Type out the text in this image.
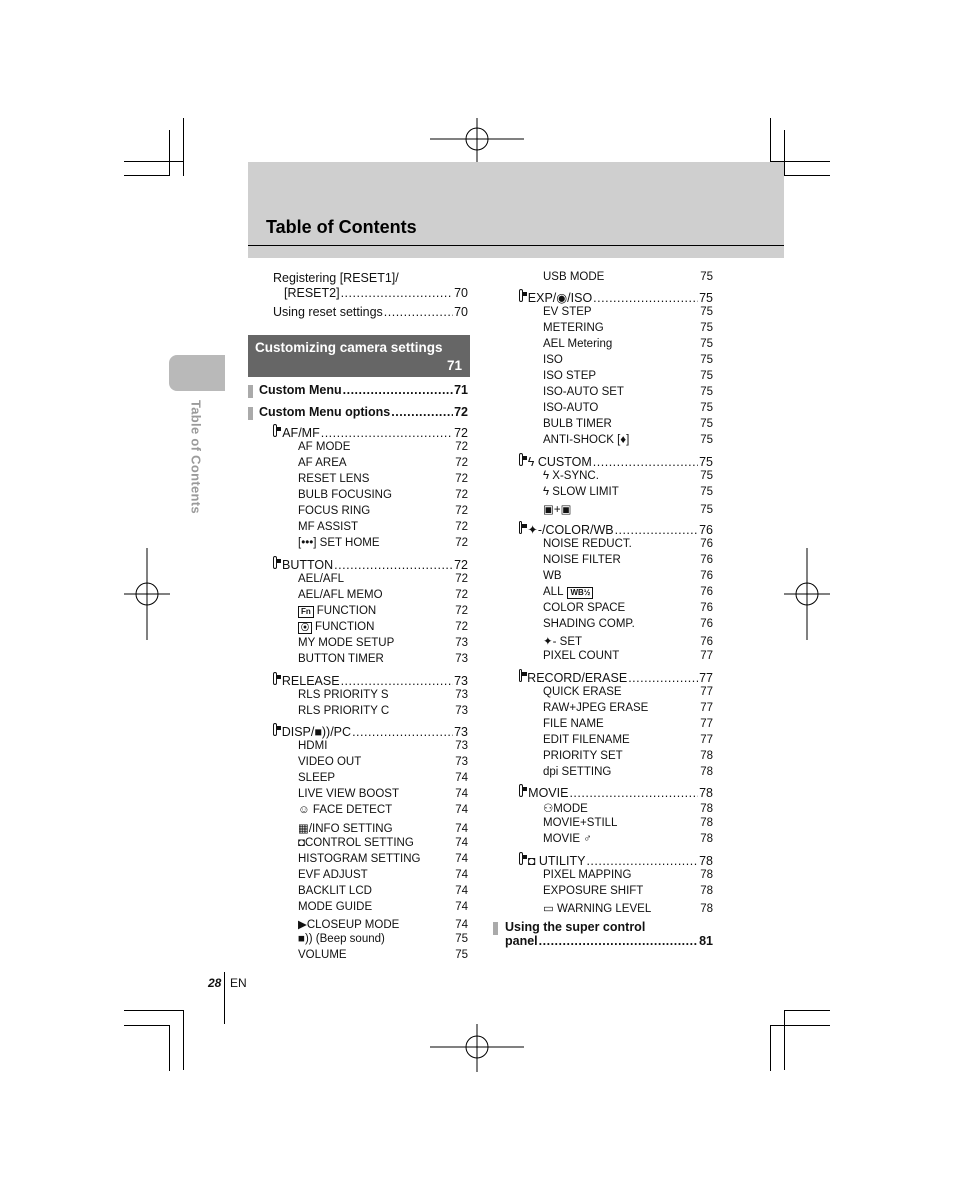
Table of Contents
Table of Contents
Registering [RESET1]/
[RESET2] .....	70
Using reset settings .....	70
Customizing camera settings
71
Custom Menu .....	71
Custom Menu options .....	72
AF/MF .....	72
AF MODE	72
AF AREA	72
RESET LENS	72
BULB FOCUSING	72
FOCUS RING	72
MF ASSIST	72
[•••] SET HOME	72
BUTTON .....	72
AEL/AFL	72
AEL/AFL MEMO	72
Fn FUNCTION	72
⦿ FUNCTION	72
MY MODE SETUP	73
BUTTON TIMER	73
RELEASE .....	73
RLS PRIORITY S	73
RLS PRIORITY C	73
DISP/■))/PC .....	73
HDMI	73
VIDEO OUT	73
SLEEP	74
LIVE VIEW BOOST	74
☺ FACE DETECT	74
▦/INFO SETTING	74
◘CONTROL SETTING	74
HISTOGRAM SETTING	74
EVF ADJUST	74
BACKLIT LCD	74
MODE GUIDE	74
▶CLOSEUP MODE	74
■)) (Beep sound)	75
VOLUME	75
USB MODE	75
EXP/◉/ISO .....	75
EV STEP	75
METERING	75
AEL Metering	75
ISO	75
ISO STEP	75
ISO-AUTO SET	75
ISO-AUTO	75
BULB TIMER	75
ANTI-SHOCK [♦]	75
ϟ CUSTOM .....	75
ϟ X-SYNC.	75
ϟ SLOW LIMIT	75
▣+▣	75
✦-/COLOR/WB .....	76
NOISE REDUCT.	76
NOISE FILTER	76
WB	76
ALL WB½	76
COLOR SPACE	76
SHADING COMP.	76
✦- SET	76
PIXEL COUNT	77
RECORD/ERASE .....	77
QUICK ERASE	77
RAW+JPEG ERASE	77
FILE NAME	77
EDIT FILENAME	77
PRIORITY SET	78
dpi SETTING	78
MOVIE .....	78
⚇MODE	78
MOVIE+STILL	78
MOVIE ♂	78
◘ UTILITY .....	78
PIXEL MAPPING	78
EXPOSURE SHIFT	78
▭ WARNING LEVEL	78
Using the super control
panel .....	81
28 EN
